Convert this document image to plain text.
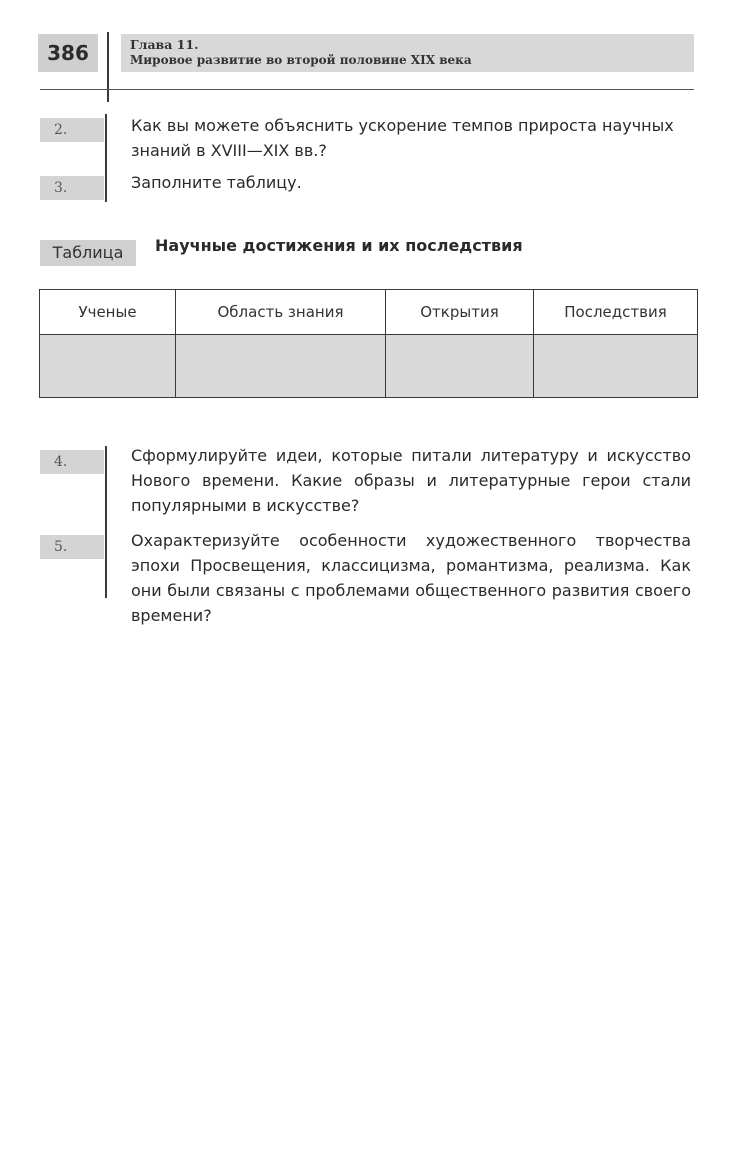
386	Глава 11.
Мировое развитие во второй половине XIX века
2.	Как вы можете объяснить ускорение темпов прироста научных знаний в XVIII—XIX вв.?
3.	Заполните таблицу.
Таблица	Научные достижения и их последствия
Ученые	Область знания	Открытия	Последствия

4.	Сформулируйте идеи, которые питали литературу и искусство Нового времени. Какие образы и литературные герои стали популярными в искусстве?
5.	Охарактеризуйте особенности художественного творчества эпохи Просвещения, классицизма, романтизма, реализма. Как они были связаны с проблемами общественного развития своего времени?
